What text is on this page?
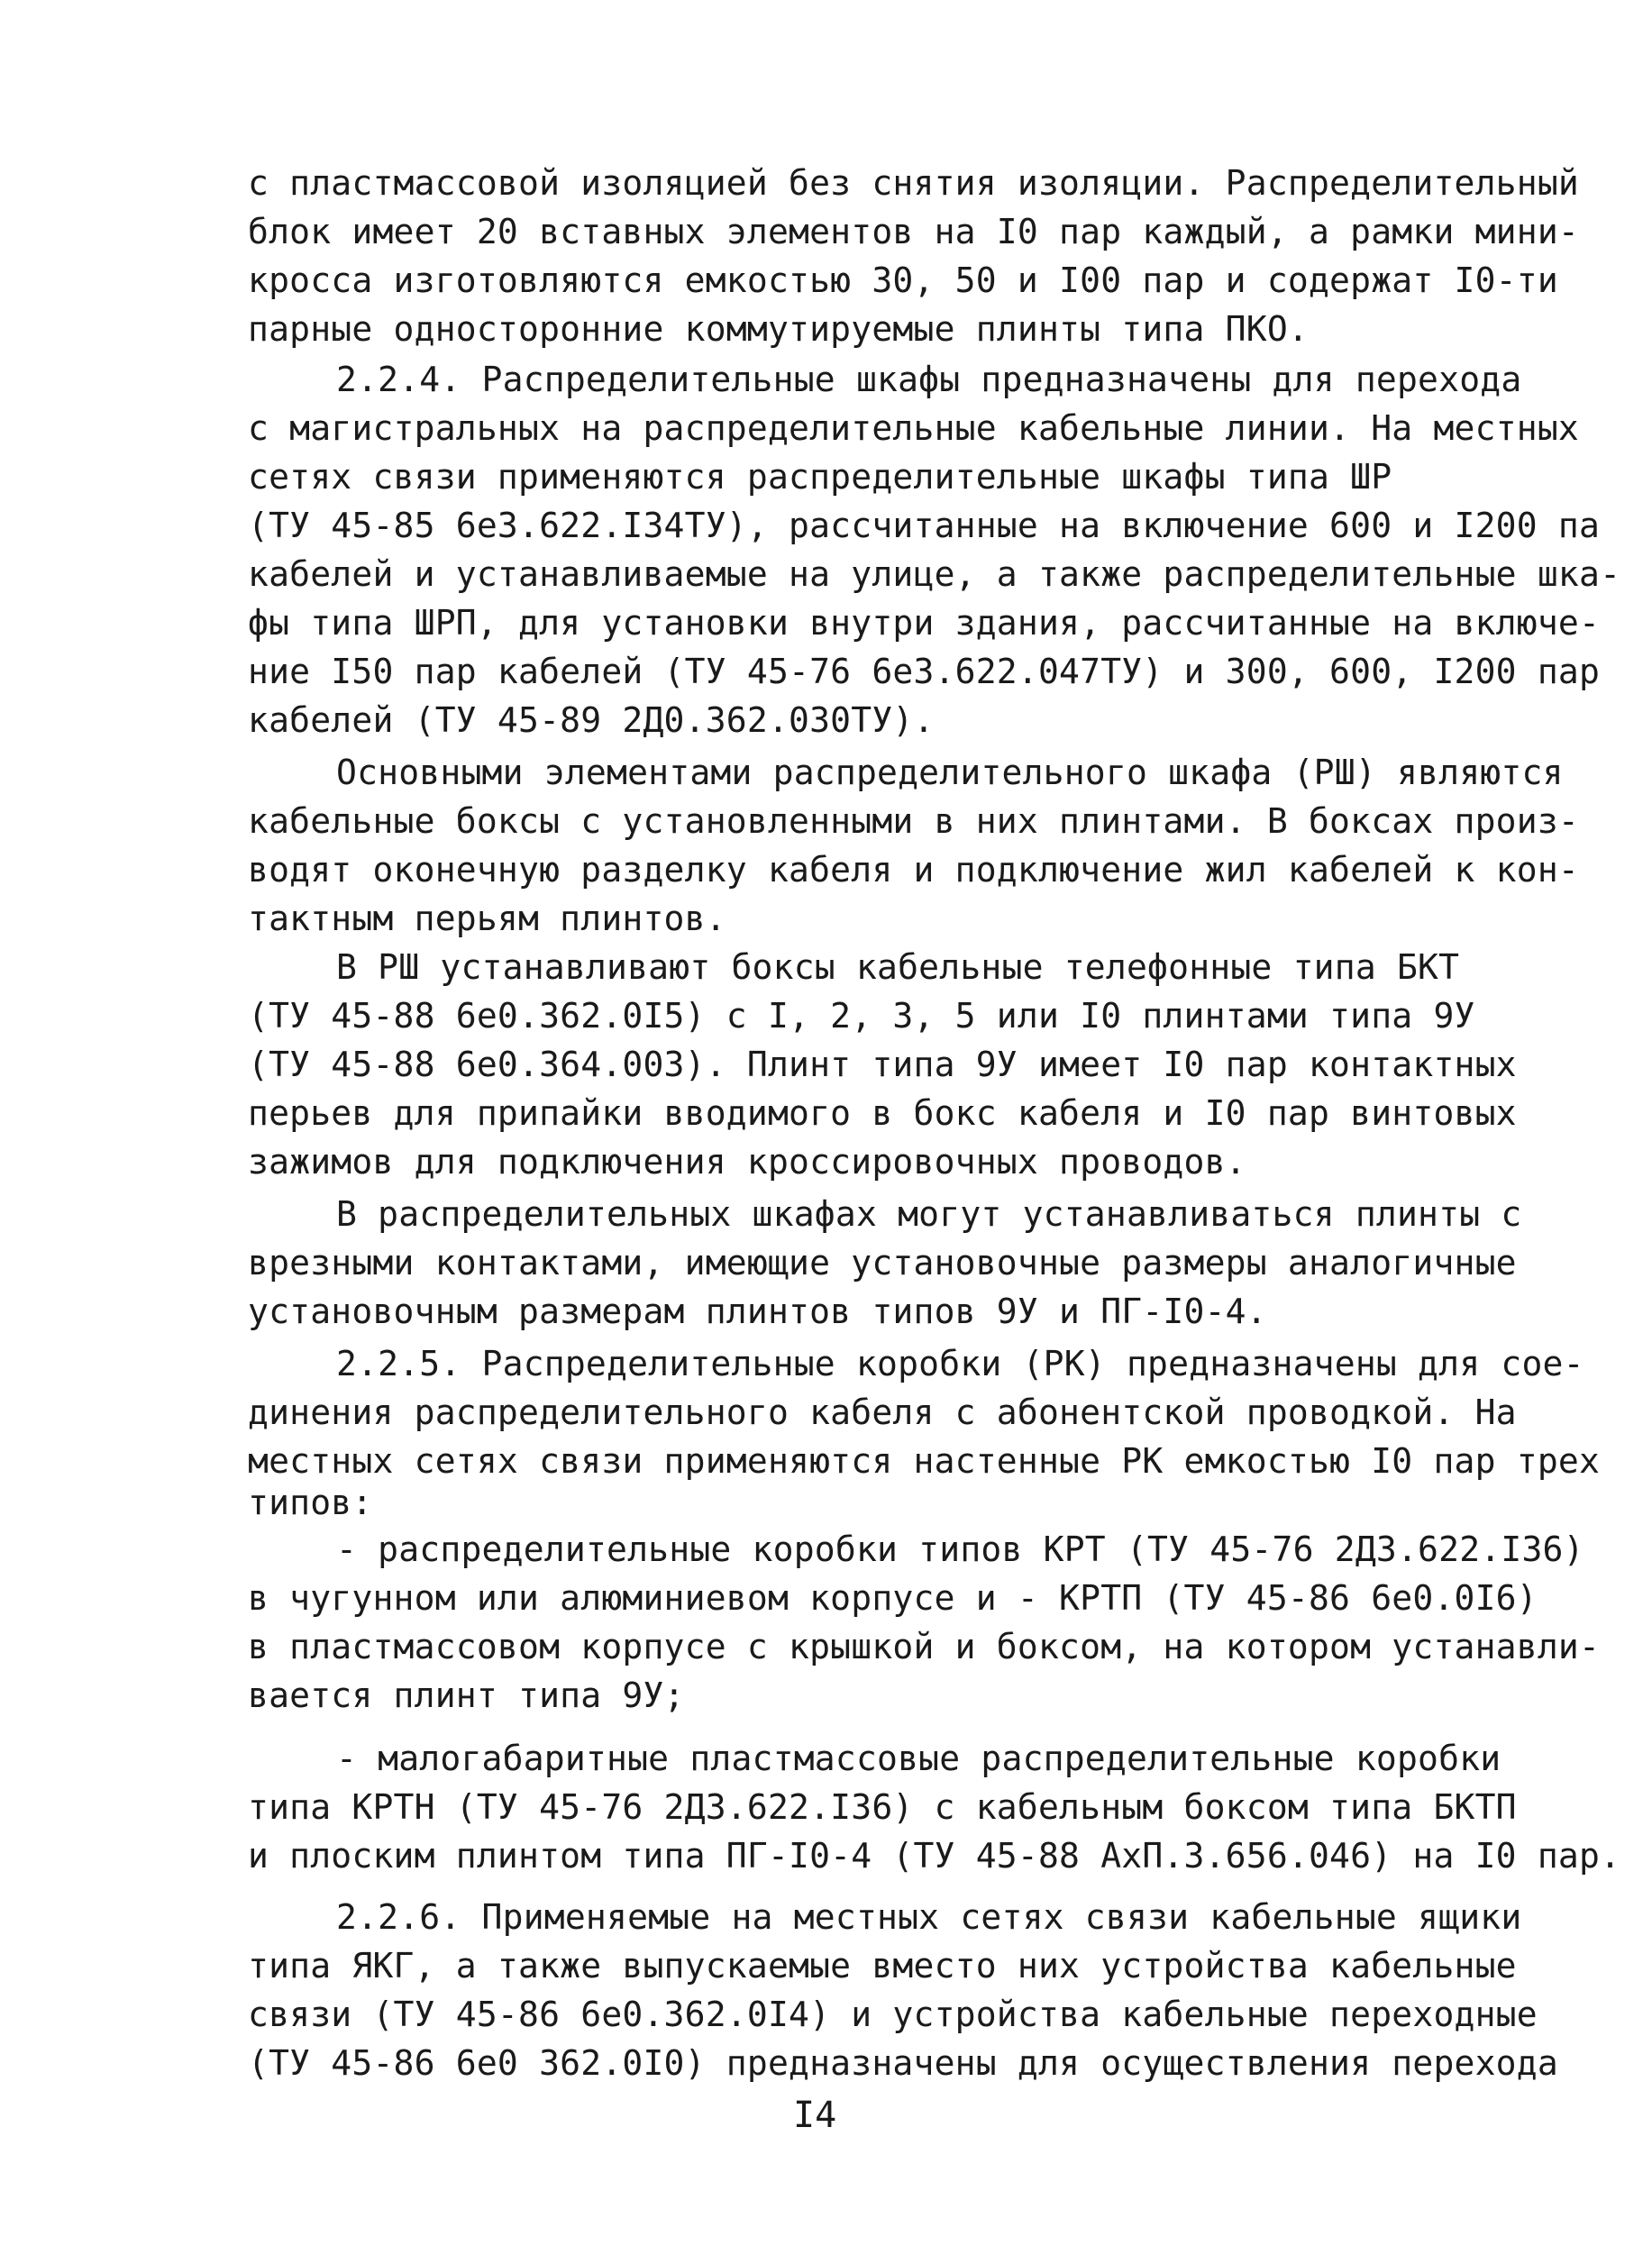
с пластмассовой изоляцией без снятия изоляции. Распределительный
блок имеет 20 вставных элементов на I0 пар каждый, а рамки мини-
кросса изготовляются емкостью 30, 50 и I00 пар и содержат I0-ти
парные односторонние коммутируемые плинты типа ПКО.
2.2.4. Распределительные шкафы предназначены для перехода
с магистральных на распределительные кабельные линии. На местных
сетях связи применяются распределительные шкафы типа ШР
(ТУ 45-85 6е3.622.I34ТУ), рассчитанные на включение 600 и I200 па
кабелей и устанавливаемые на улице, а также распределительные шка-
фы типа ШРП, для установки внутри здания, рассчитанные на включе-
ние I50 пар кабелей (ТУ 45-76 6е3.622.047ТУ) и 300, 600, I200 пар
кабелей (ТУ 45-89 2Д0.362.030ТУ).
Основными элементами распределительного шкафа (РШ) являются
кабельные боксы с установленными в них плинтами. В боксах произ-
водят оконечную разделку кабеля и подключение жил кабелей к кон-
тактным перьям плинтов.
В РШ устанавливают боксы кабельные телефонные типа БКТ
(ТУ 45-88 6е0.362.0I5) с I, 2, 3, 5 или I0 плинтами типа 9У
(ТУ 45-88 6е0.364.003). Плинт типа 9У имеет I0 пар контактных
перьев для припайки вводимого в бокс кабеля и I0 пар винтовых
зажимов для подключения кроссировочных проводов.
В распределительных шкафах могут устанавливаться плинты с
врезными контактами, имеющие установочные размеры аналогичные
установочным размерам плинтов типов 9У и ПГ-I0-4.
2.2.5. Распределительные коробки (РК) предназначены для сое-
динения распределительного кабеля с абонентской проводкой. На
местных сетях связи применяются настенные РК емкостью I0 пар трех
типов:
- распределительные коробки типов КРТ (ТУ 45-76 2Д3.622.I36)
в чугунном или алюминиевом корпусе и - КРТП (ТУ 45-86 6е0.0I6)
в пластмассовом корпусе с крышкой и боксом, на котором устанавли-
вается плинт типа 9У;
- малогабаритные пластмассовые распределительные коробки
типа КРТН (ТУ 45-76 2Д3.622.I36) с кабельным боксом типа БКТП
и плоским плинтом типа ПГ-I0-4 (ТУ 45-88 АхП.3.656.046) на I0 пар.
2.2.6. Применяемые на местных сетях связи кабельные ящики
типа ЯКГ, а также выпускаемые вместо них устройства кабельные
связи (ТУ 45-86 6е0.362.0I4) и устройства кабельные переходные
(ТУ 45-86 6е0 362.0I0) предназначены для осуществления перехода
I4
